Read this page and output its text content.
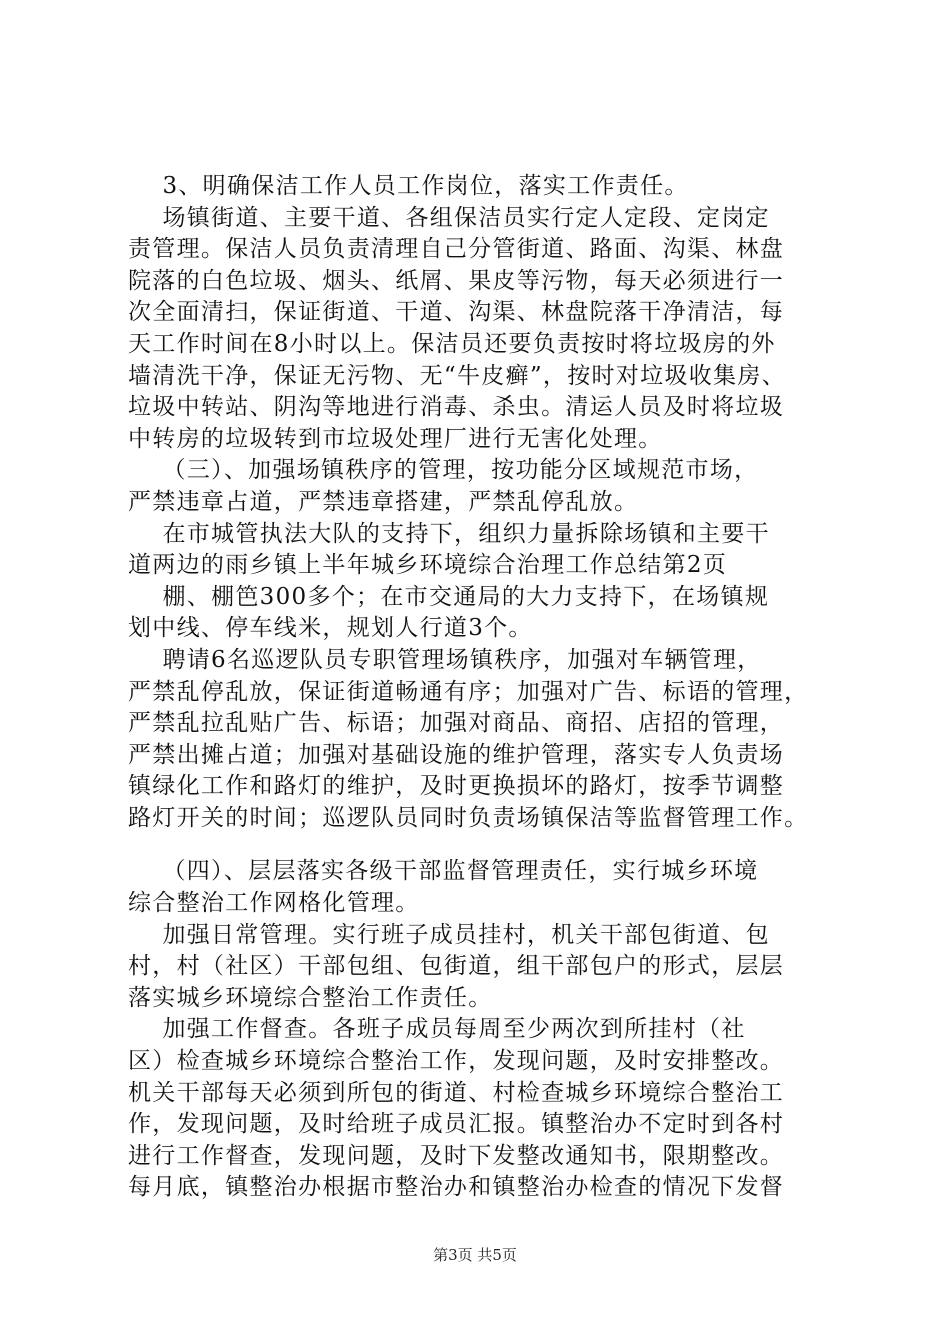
3、明确保洁工作人员工作岗位，落实工作责任。
场镇街道、主要干道、各组保洁员实行定人定段、定岗定
责管理。保洁人员负责清理自己分管街道、路面、沟渠、林盘
院落的白色垃圾、烟头、纸屑、果皮等污物，每天必须进行一
次全面清扫，保证街道、干道、沟渠、林盘院落干净清洁，每
天工作时间在8小时以上。保洁员还要负责按时将垃圾房的外
墙清洗干净，保证无污物、无“牛皮癣”，按时对垃圾收集房、
垃圾中转站、阴沟等地进行消毒、杀虫。清运人员及时将垃圾
中转房的垃圾转到市垃圾处理厂进行无害化处理。
（三）、加强场镇秩序的管理，按功能分区域规范市场，
严禁违章占道，严禁违章搭建，严禁乱停乱放。
在市城管执法大队的支持下，组织力量拆除场镇和主要干
道两边的雨乡镇上半年城乡环境综合治理工作总结第2页
棚、棚笆300多个；在市交通局的大力支持下，在场镇规
划中线、停车线米，规划人行道3个。
聘请6名巡逻队员专职管理场镇秩序，加强对车辆管理，
严禁乱停乱放，保证街道畅通有序；加强对广告、标语的管理，
严禁乱拉乱贴广告、标语；加强对商品、商招、店招的管理，
严禁出摊占道；加强对基础设施的维护管理，落实专人负责场
镇绿化工作和路灯的维护，及时更换损坏的路灯，按季节调整
路灯开关的时间；巡逻队员同时负责场镇保洁等监督管理工作。
（四）、层层落实各级干部监督管理责任，实行城乡环境
综合整治工作网格化管理。
加强日常管理。实行班子成员挂村，机关干部包街道、包
村，村（社区）干部包组、包街道，组干部包户的形式，层层
落实城乡环境综合整治工作责任。
加强工作督查。各班子成员每周至少两次到所挂村（社
区）检查城乡环境综合整治工作，发现问题，及时安排整改。
机关干部每天必须到所包的街道、村检查城乡环境综合整治工
作，发现问题，及时给班子成员汇报。镇整治办不定时到各村
进行工作督查，发现问题，及时下发整改通知书，限期整改。
每月底，镇整治办根据市整治办和镇整治办检查的情况下发督
第3页 共5页
